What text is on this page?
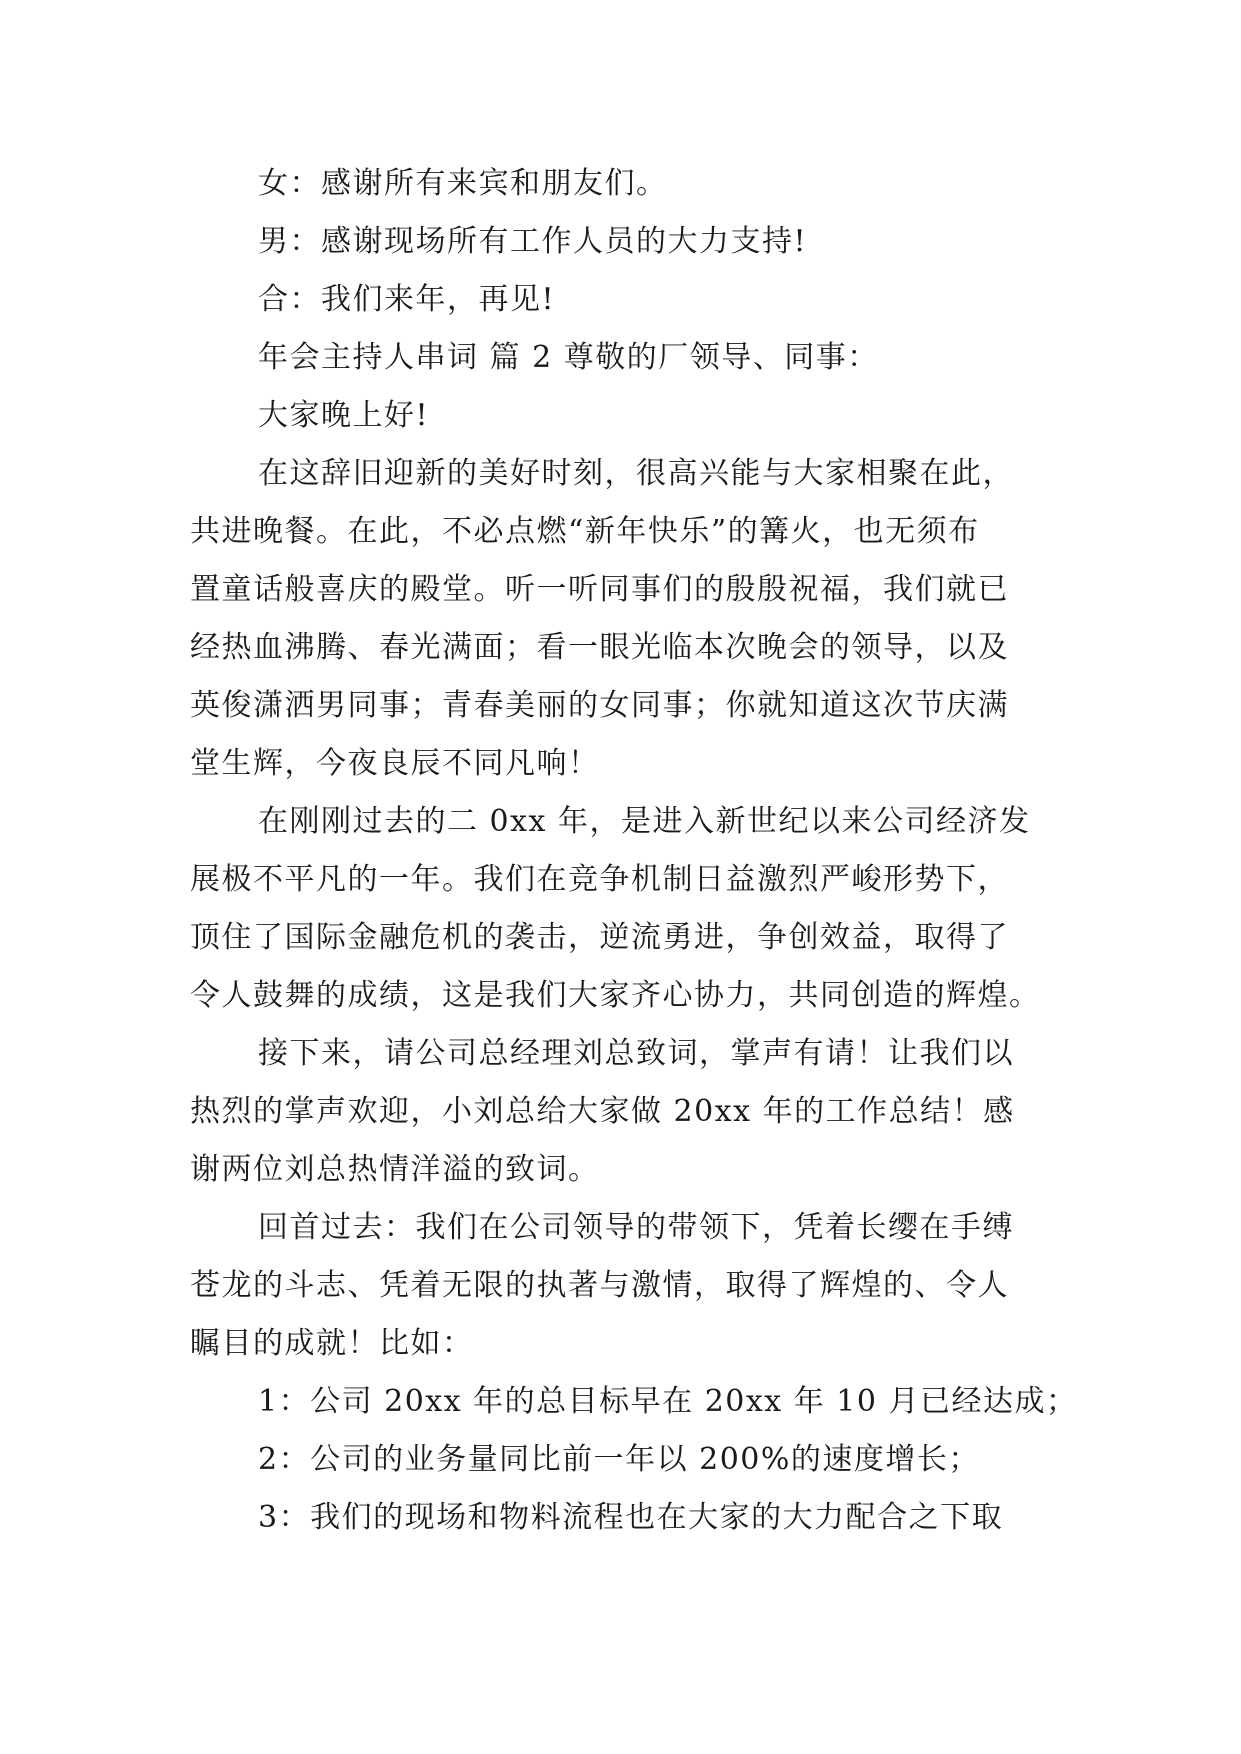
女：感谢所有来宾和朋友们。

男：感谢现场所有工作人员的大力支持!

合：我们来年，再见!

年会主持人串词 篇 2 尊敬的厂领导、同事：

大家晚上好!

在这辞旧迎新的美好时刻，很高兴能与大家相聚在此，
共进晚餐。在此，不必点燃“新年快乐”的篝火，也无须布
置童话般喜庆的殿堂。听一听同事们的殷殷祝福，我们就已
经热血沸腾、春光满面；看一眼光临本次晚会的领导，以及
英俊潇洒男同事；青春美丽的女同事；你就知道这次节庆满
堂生辉，今夜良辰不同凡响！

在刚刚过去的二 0xx 年，是进入新世纪以来公司经济发
展极不平凡的一年。我们在竞争机制日益激烈严峻形势下，
顶住了国际金融危机的袭击，逆流勇进，争创效益，取得了
令人鼓舞的成绩，这是我们大家齐心协力，共同创造的辉煌。

接下来，请公司总经理刘总致词，掌声有请！让我们以
热烈的掌声欢迎，小刘总给大家做 20xx 年的工作总结！感
谢两位刘总热情洋溢的致词。

回首过去：我们在公司领导的带领下，凭着长缨在手缚
苍龙的斗志、凭着无限的执著与激情，取得了辉煌的、令人
瞩目的成就！比如：

1：公司 20xx 年的总目标早在 20xx 年 10 月已经达成；

2：公司的业务量同比前一年以 200%的速度增长；

3：我们的现场和物料流程也在大家的大力配合之下取
